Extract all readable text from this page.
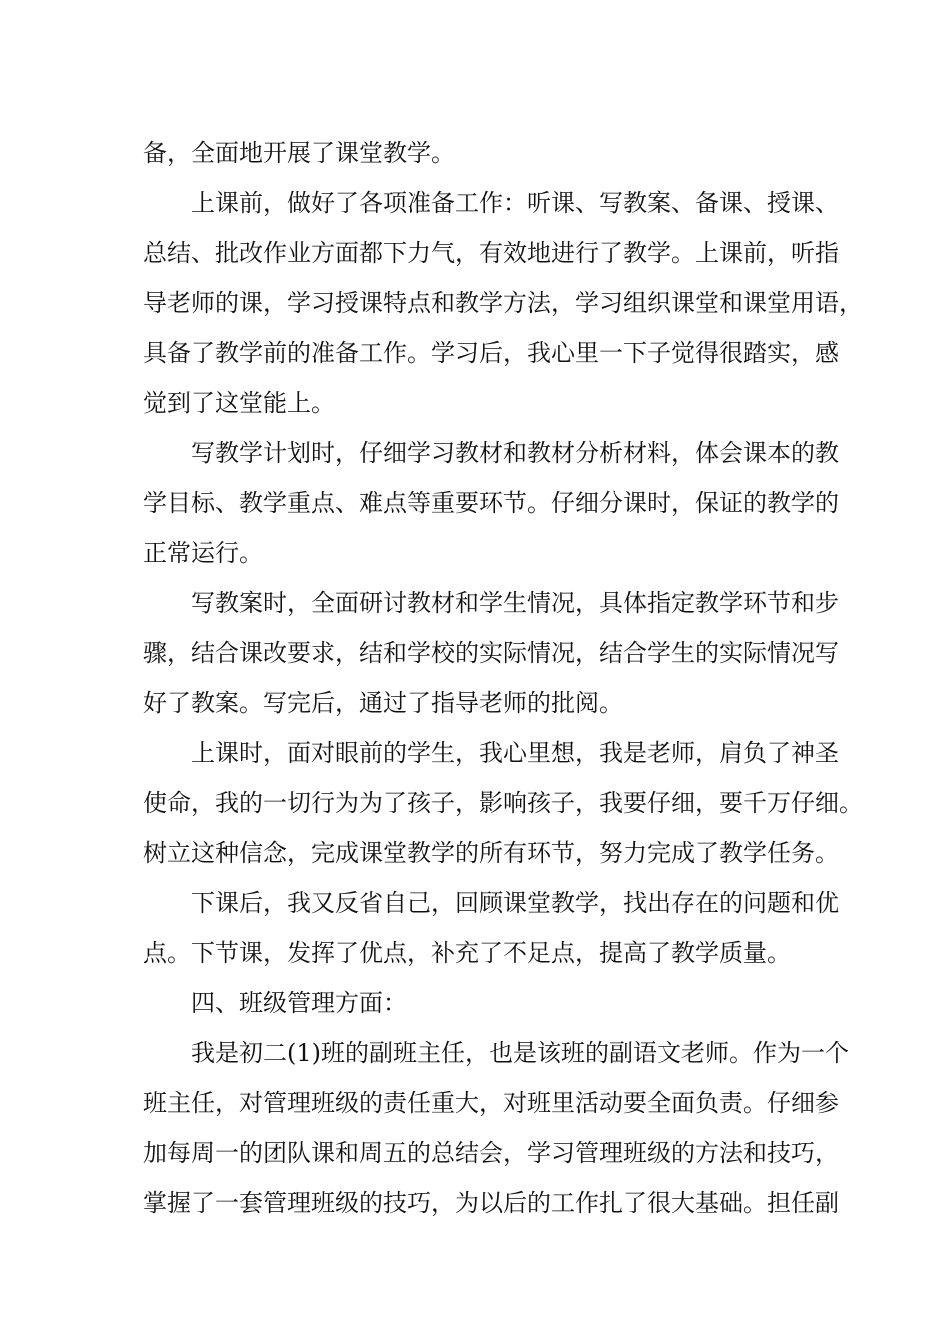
备，全面地开展了课堂教学。
上课前，做好了各项准备工作：听课、写教案、备课、授课、
总结、批改作业方面都下力气，有效地进行了教学。上课前，听指
导老师的课，学习授课特点和教学方法，学习组织课堂和课堂用语，
具备了教学前的准备工作。学习后，我心里一下子觉得很踏实，感
觉到了这堂能上。
写教学计划时，仔细学习教材和教材分析材料，体会课本的教
学目标、教学重点、难点等重要环节。仔细分课时，保证的教学的
正常运行。
写教案时，全面研讨教材和学生情况，具体指定教学环节和步
骤，结合课改要求，结和学校的实际情况，结合学生的实际情况写
好了教案。写完后，通过了指导老师的批阅。
上课时，面对眼前的学生，我心里想，我是老师，肩负了神圣
使命，我的一切行为为了孩子，影响孩子，我要仔细，要千万仔细。
树立这种信念，完成课堂教学的所有环节，努力完成了教学任务。
下课后，我又反省自己，回顾课堂教学，找出存在的问题和优
点。下节课，发挥了优点，补充了不足点，提高了教学质量。
四、班级管理方面：
我是初二(1)班的副班主任，也是该班的副语文老师。作为一个
班主任，对管理班级的责任重大，对班里活动要全面负责。仔细参
加每周一的团队课和周五的总结会，学习管理班级的方法和技巧，
掌握了一套管理班级的技巧，为以后的工作扎了很大基础。担任副
